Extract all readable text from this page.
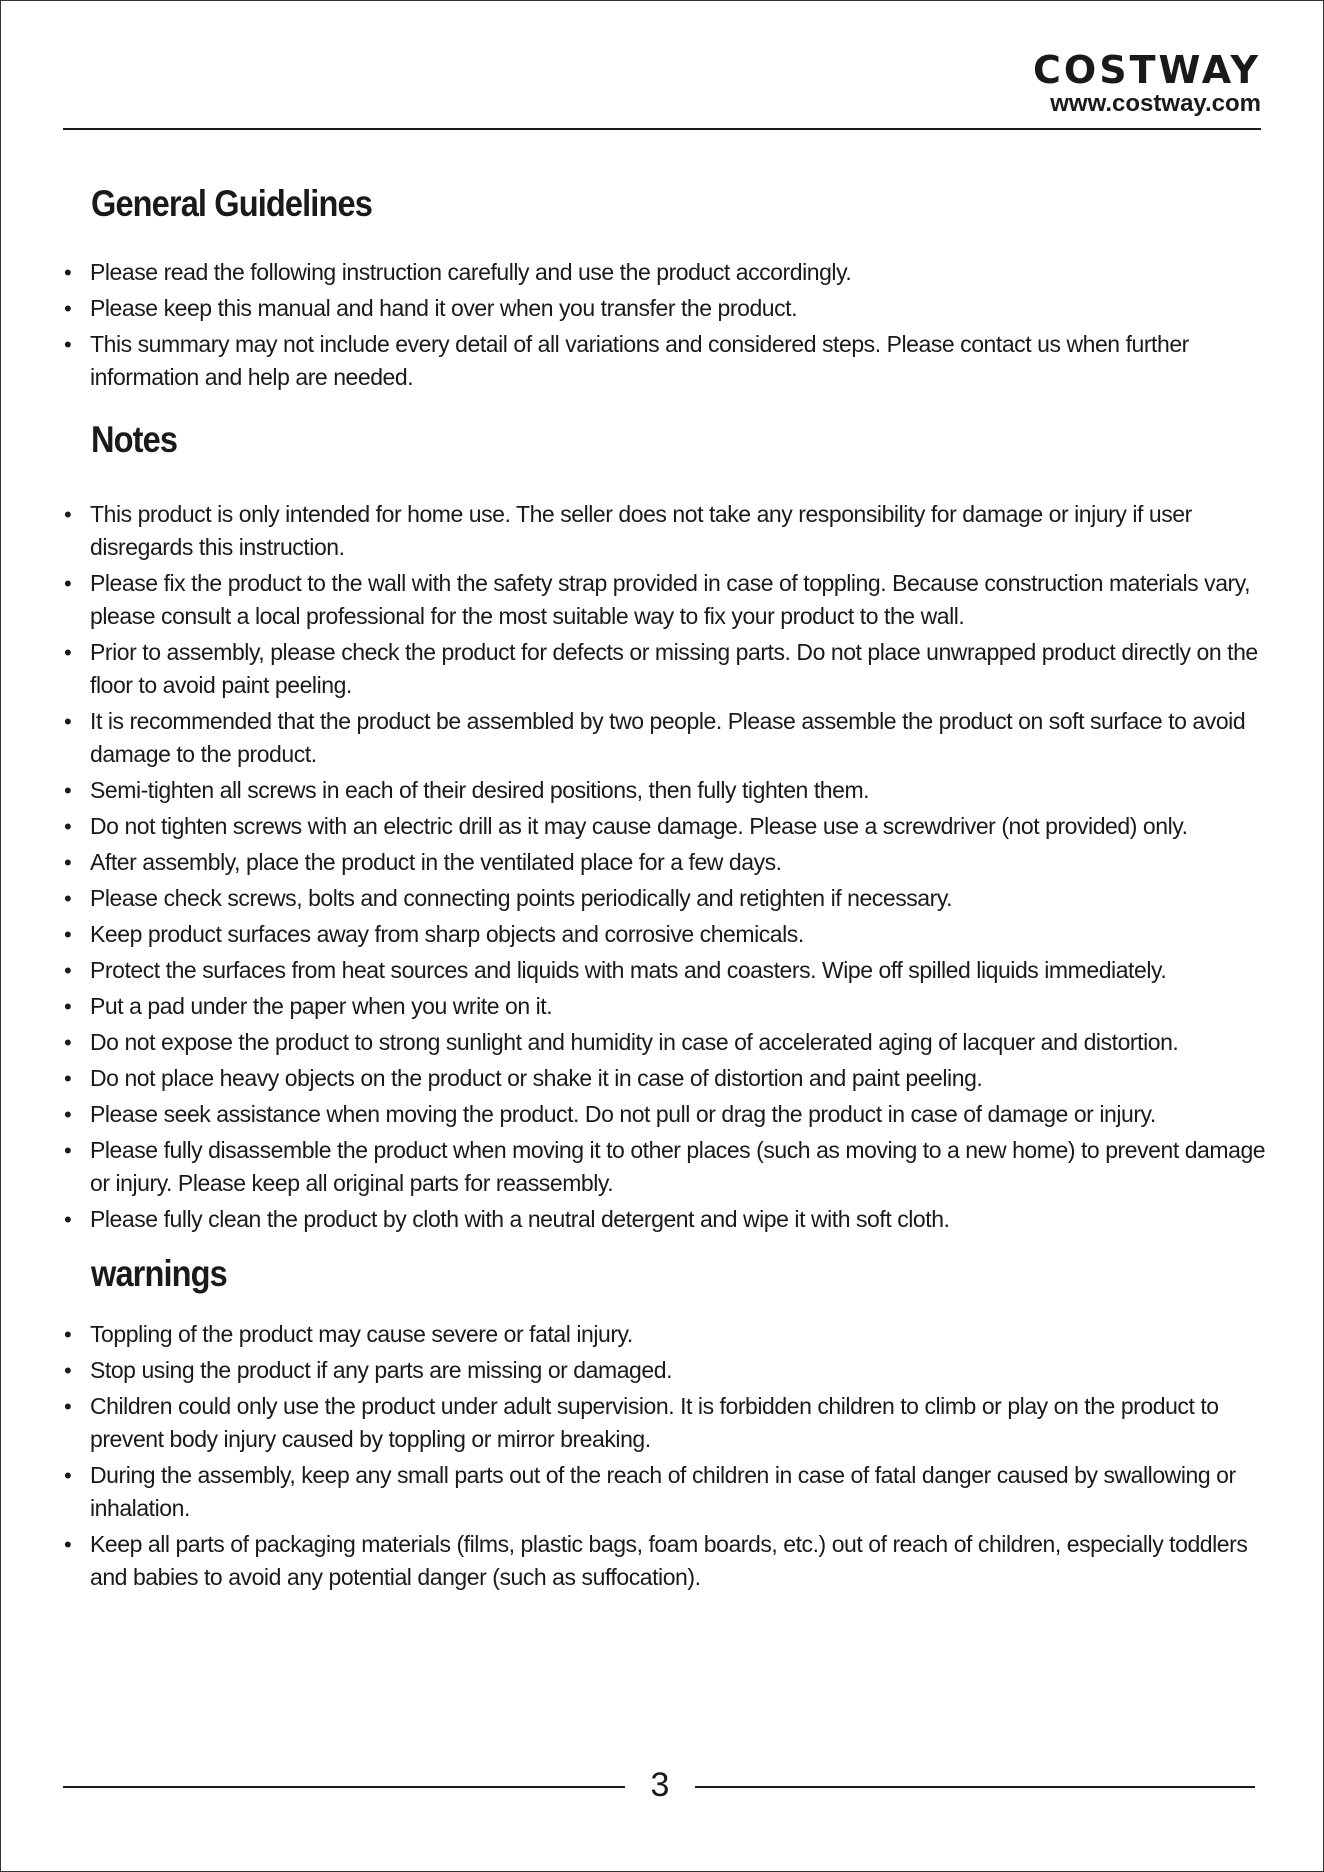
COSTWAY
www.costway.com
General Guidelines
• Please read the following instruction carefully and use the product accordingly.
• Please keep this manual and hand it over when you transfer the product.
• This summary may not include every detail of all variations and considered steps. Please contact us when further information and help are needed.
Notes
• This product is only intended for home use. The seller does not take any responsibility for damage or injury if user disregards this instruction.
• Please fix the product to the wall with the safety strap provided in case of toppling. Because construction materials vary, please consult a local professional for the most suitable way to fix your product to the wall.
• Prior to assembly, please check the product for defects or missing parts. Do not place unwrapped product directly on the floor to avoid paint peeling.
• It is recommended that the product be assembled by two people. Please assemble the product on soft surface to avoid damage to the product.
• Semi-tighten all screws in each of their desired positions, then fully tighten them.
• Do not tighten screws with an electric drill as it may cause damage. Please use a screwdriver (not provided) only.
• After assembly, place the product in the ventilated place for a few days.
• Please check screws, bolts and connecting points periodically and retighten if necessary.
• Keep product surfaces away from sharp objects and corrosive chemicals.
• Protect the surfaces from heat sources and liquids with mats and coasters. Wipe off spilled liquids immediately.
• Put a pad under the paper when you write on it.
• Do not expose the product to strong sunlight and humidity in case of accelerated aging of lacquer and distortion.
• Do not place heavy objects on the product or shake it in case of distortion and paint peeling.
• Please seek assistance when moving the product. Do not pull or drag the product in case of damage or injury.
• Please fully disassemble the product when moving it to other places (such as moving to a new home) to prevent damage or injury. Please keep all original parts for reassembly.
• Please fully clean the product by cloth with a neutral detergent and wipe it with soft cloth.
warnings
• Toppling of the product may cause severe or fatal injury.
• Stop using the product if any parts are missing or damaged.
• Children could only use the product under adult supervision. It is forbidden children to climb or play on the product to prevent body injury caused by toppling or mirror breaking.
• During the assembly, keep any small parts out of the reach of children in case of fatal danger caused by swallowing or inhalation.
• Keep all parts of packaging materials (films, plastic bags, foam boards, etc.) out of reach of children, especially toddlers and babies to avoid any potential danger (such as suffocation).
3
